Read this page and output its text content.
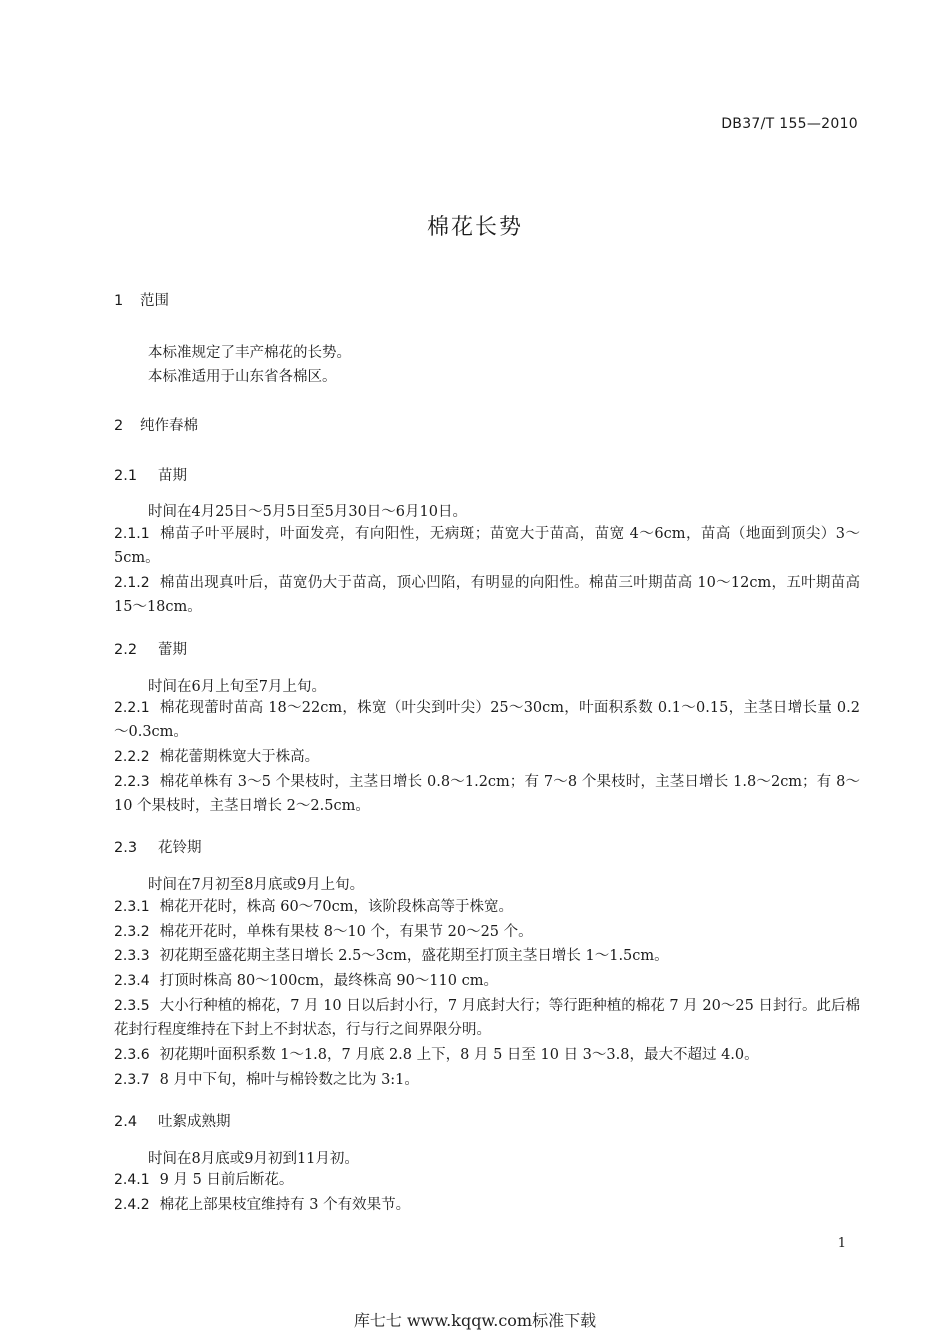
DB37/T 155—2010
棉花长势
1 范围
本标准规定了丰产棉花的长势。
本标准适用于山东省各棉区。
2 纯作春棉
2.1 苗期
时间在4月25日～5月5日至5月30日～6月10日。
2.1.1 棉苗子叶平展时，叶面发亮，有向阳性，无病斑；苗宽大于苗高，苗宽 4～6cm，苗高（地面到顶尖）3～5cm。
2.1.2 棉苗出现真叶后，苗宽仍大于苗高，顶心凹陷，有明显的向阳性。棉苗三叶期苗高 10～12cm，五叶期苗高 15～18cm。
2.2 蕾期
时间在6月上旬至7月上旬。
2.2.1 棉花现蕾时苗高 18～22cm，株宽（叶尖到叶尖）25～30cm，叶面积系数 0.1～0.15，主茎日增长量 0.2～0.3cm。
2.2.2 棉花蕾期株宽大于株高。
2.2.3 棉花单株有 3～5 个果枝时，主茎日增长 0.8～1.2cm；有 7～8 个果枝时，主茎日增长 1.8～2cm；有 8～10 个果枝时，主茎日增长 2～2.5cm。
2.3 花铃期
时间在7月初至8月底或9月上旬。
2.3.1 棉花开花时，株高 60～70cm，该阶段株高等于株宽。
2.3.2 棉花开花时，单株有果枝 8～10 个，有果节 20～25 个。
2.3.3 初花期至盛花期主茎日增长 2.5～3cm，盛花期至打顶主茎日增长 1～1.5cm。
2.3.4 打顶时株高 80～100cm，最终株高 90～110 cm。
2.3.5 大小行种植的棉花，7 月 10 日以后封小行，7 月底封大行；等行距种植的棉花 7 月 20～25 日封行。此后棉花封行程度维持在下封上不封状态，行与行之间界限分明。
2.3.6 初花期叶面积系数 1～1.8，7 月底 2.8 上下，8 月 5 日至 10 日 3～3.8，最大不超过 4.0。
2.3.7 8 月中下旬，棉叶与棉铃数之比为 3:1。
2.4 吐絮成熟期
时间在8月底或9月初到11月初。
2.4.1 9 月 5 日前后断花。
2.4.2 棉花上部果枝宜维持有 3 个有效果节。
1
库七七 www.kqqw.com标准下载
